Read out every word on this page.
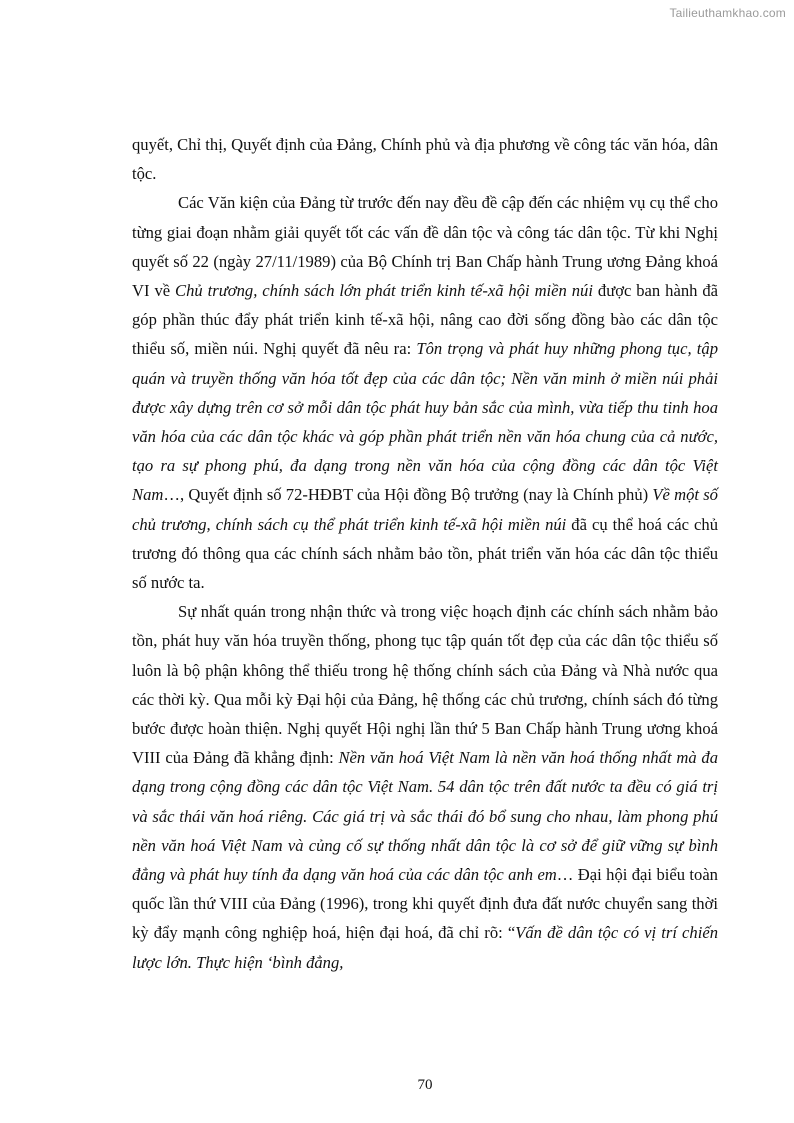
Tailieuthamkhao.com

quyết, Chỉ thị, Quyết định của Đảng, Chính phủ và địa phương về công tác văn hóa, dân tộc.

Các Văn kiện của Đảng từ trước đến nay đều đề cập đến các nhiệm vụ cụ thể cho từng giai đoạn nhằm giải quyết tốt các vấn đề dân tộc và công tác dân tộc. Từ khi Nghị quyết số 22 (ngày 27/11/1989) của Bộ Chính trị Ban Chấp hành Trung ương Đảng khoá VI về Chủ trương, chính sách lớn phát triển kinh tế-xã hội miền núi được ban hành đã góp phần thúc đẩy phát triển kinh tế-xã hội, nâng cao đời sống đồng bào các dân tộc thiểu số, miền núi. Nghị quyết đã nêu ra: Tôn trọng và phát huy những phong tục, tập quán và truyền thống văn hóa tốt đẹp của các dân tộc; Nền văn minh ở miền núi phải được xây dựng trên cơ sở mỗi dân tộc phát huy bản sắc của mình, vừa tiếp thu tinh hoa văn hóa của các dân tộc khác và góp phần phát triển nền văn hóa chung của cả nước, tạo ra sự phong phú, đa dạng trong nền văn hóa của cộng đồng các dân tộc Việt Nam…, Quyết định số 72-HĐBT của Hội đồng Bộ trưởng (nay là Chính phủ) Về một số chủ trương, chính sách cụ thể phát triển kinh tế-xã hội miền núi đã cụ thể hoá các chủ trương đó thông qua các chính sách nhằm bảo tồn, phát triển văn hóa các dân tộc thiểu số nước ta.

Sự nhất quán trong nhận thức và trong việc hoạch định các chính sách nhằm bảo tồn, phát huy văn hóa truyền thống, phong tục tập quán tốt đẹp của các dân tộc thiểu số luôn là bộ phận không thể thiếu trong hệ thống chính sách của Đảng và Nhà nước qua các thời kỳ. Qua mỗi kỳ Đại hội của Đảng, hệ thống các chủ trương, chính sách đó từng bước được hoàn thiện. Nghị quyết Hội nghị lần thứ 5 Ban Chấp hành Trung ương khoá VIII của Đảng đã khẳng định: Nền văn hoá Việt Nam là nền văn hoá thống nhất mà đa dạng trong cộng đồng các dân tộc Việt Nam. 54 dân tộc trên đất nước ta đều có giá trị và sắc thái văn hoá riêng. Các giá trị và sắc thái đó bổ sung cho nhau, làm phong phú nền văn hoá Việt Nam và củng cố sự thống nhất dân tộc là cơ sở để giữ vững sự bình đẳng và phát huy tính đa dạng văn hoá của các dân tộc anh em… Đại hội đại biểu toàn quốc lần thứ VIII của Đảng (1996), trong khi quyết định đưa đất nước chuyển sang thời kỳ đẩy mạnh công nghiệp hoá, hiện đại hoá, đã chỉ rõ: “Vấn đề dân tộc có vị trí chiến lược lớn. Thực hiện ‘bình đẳng,

70
